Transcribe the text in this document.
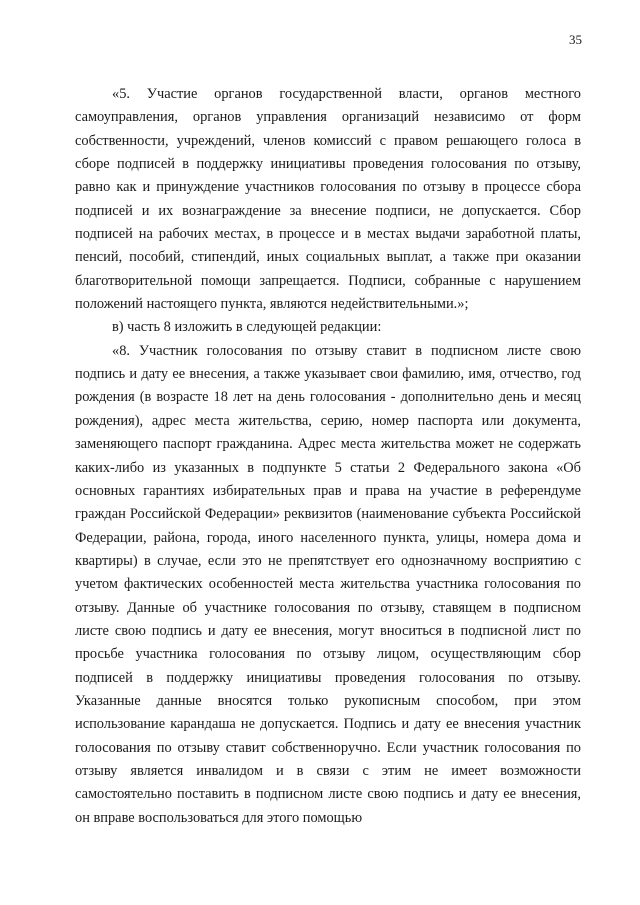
35

«5. Участие органов государственной власти, органов местного самоуправления, органов управления организаций независимо от форм собственности, учреждений, членов комиссий с правом решающего голоса в сборе подписей в поддержку инициативы проведения голосования по отзыву, равно как и принуждение участников голосования по отзыву в процессе сбора подписей и их вознаграждение за внесение подписи, не допускается. Сбор подписей на рабочих местах, в процессе и в местах выдачи заработной платы, пенсий, пособий, стипендий, иных социальных выплат, а также при оказании благотворительной помощи запрещается. Подписи, собранные с нарушением положений настоящего пункта, являются недействительными.»;

в) часть 8 изложить в следующей редакции:

«8. Участник голосования по отзыву ставит в подписном листе свою подпись и дату ее внесения, а также указывает свои фамилию, имя, отчество, год рождения (в возрасте 18 лет на день голосования - дополнительно день и месяц рождения), адрес места жительства, серию, номер паспорта или документа, заменяющего паспорт гражданина. Адрес места жительства может не содержать каких-либо из указанных в подпункте 5 статьи 2 Федерального закона «Об основных гарантиях избирательных прав и права на участие в референдуме граждан Российской Федерации» реквизитов (наименование субъекта Российской Федерации, района, города, иного населенного пункта, улицы, номера дома и квартиры) в случае, если это не препятствует его однозначному восприятию с учетом фактических особенностей места жительства участника голосования по отзыву. Данные об участнике голосования по отзыву, ставящем в подписном листе свою подпись и дату ее внесения, могут вноситься в подписной лист по просьбе участника голосования по отзыву лицом, осуществляющим сбор подписей в поддержку инициативы проведения голосования по отзыву. Указанные данные вносятся только рукописным способом, при этом использование карандаша не допускается. Подпись и дату ее внесения участник голосования по отзыву ставит собственноручно. Если участник голосования по отзыву является инвалидом и в связи с этим не имеет возможности самостоятельно поставить в подписном листе свою подпись и дату ее внесения, он вправе воспользоваться для этого помощью
